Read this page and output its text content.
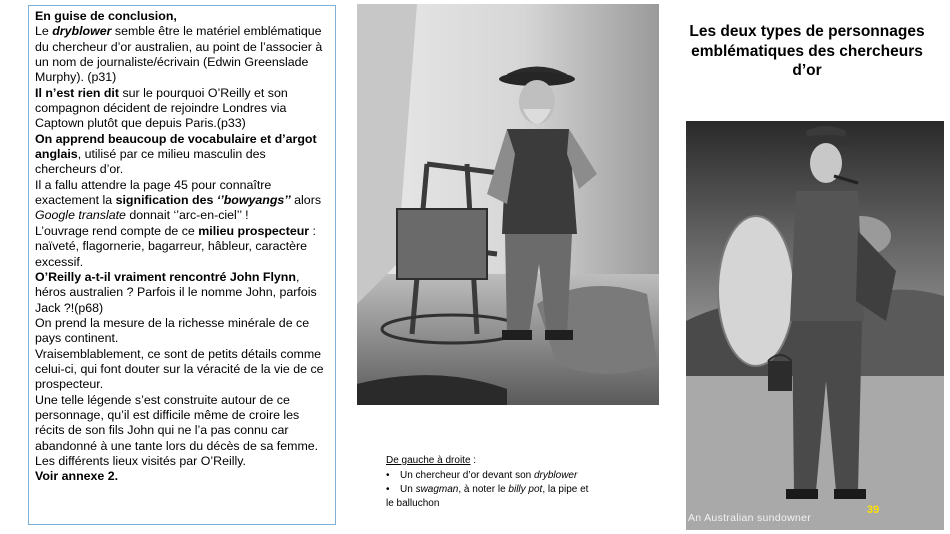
En guise de conclusion,

Le dryblower semble être le matériel emblématique du chercheur d’or australien, au point de l’associer à un nom de journaliste/écrivain (Edwin Greenslade Murphy). (p31)

Il n’est rien dit sur le pourquoi O’Reilly et son compagnon décident de rejoindre Londres via Captown plutôt que depuis Paris.(p33)

On apprend beaucoup de vocabulaire et d’argot anglais, utilisé par ce milieu masculin des chercheurs d’or.

Il a fallu attendre la page 45 pour connaître exactement la signification des ‘’bowyangs’’ alors Google translate donnait ‘’arc-en-ciel’’ !

L’ouvrage rend compte de ce milieu prospecteur : naïveté, flagornerie, bagarreur, hâbleur, caractère excessif.

O’Reilly a-t-il vraiment rencontré John Flynn, héros australien ? Parfois il le nomme John, parfois Jack ?!(p68)

On prend la mesure de la richesse minérale de ce pays continent.

Vraisemblablement, ce sont de petits détails comme celui-ci, qui font douter sur la véracité de la vie de ce prospecteur.

Une telle légende s’est construite autour de ce personnage, qu’il est difficile même de croire les récits de son fils John qui ne l’a pas connu car abandonné à une tante lors du décès de sa femme.

Les différents lieux visités par O’Reilly.

Voir annexe 2.

Les deux types de personnages
emblématiques des chercheurs
d’or
An Australian sundowner
39
De gauche à droite :
• Un chercheur d’or devant son dryblower
• Un swagman, à noter le billy pot, la pipe et
le balluchon
